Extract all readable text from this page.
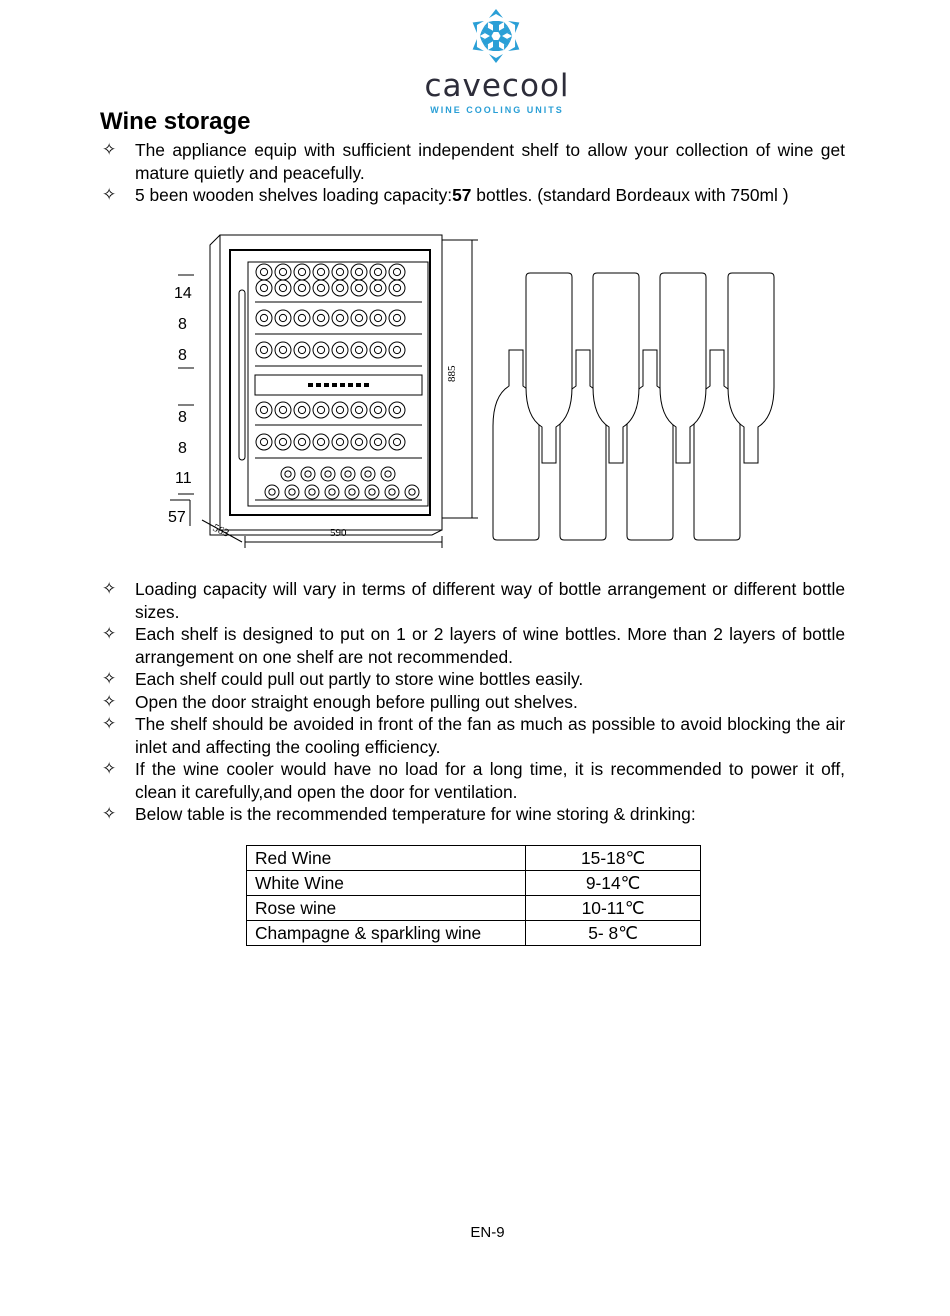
cavecool
WINE COOLING UNITS
Wine storage
✧ The appliance equip with sufficient independent shelf to allow your collection of wine get mature quietly and peacefully.
✧ 5 been wooden shelves loading capacity:57 bottles. (standard Bordeaux with 750ml )
14
8
8
8
8
11
57
590
563
885
✧ Loading capacity will vary in terms of different way of bottle arrangement or different bottle sizes.
✧ Each shelf is designed to put on 1 or 2 layers of wine bottles. More than 2 layers of bottle arrangement on one shelf are not recommended.
✧ Each shelf could pull out partly to store wine bottles easily.
✧ Open the door straight enough before pulling out shelves.
✧ The shelf should be avoided in front of the fan as much as possible to avoid blocking the air inlet and affecting the cooling efficiency.
✧ If the wine cooler would have no load for a long time, it is recommended to power it off, clean it carefully,and open the door for ventilation.
✧ Below table is the recommended temperature for wine storing & drinking:
Red Wine	15-18℃
White Wine	9-14℃
Rose wine	10-11℃
Champagne & sparkling wine	5- 8℃
EN-9
